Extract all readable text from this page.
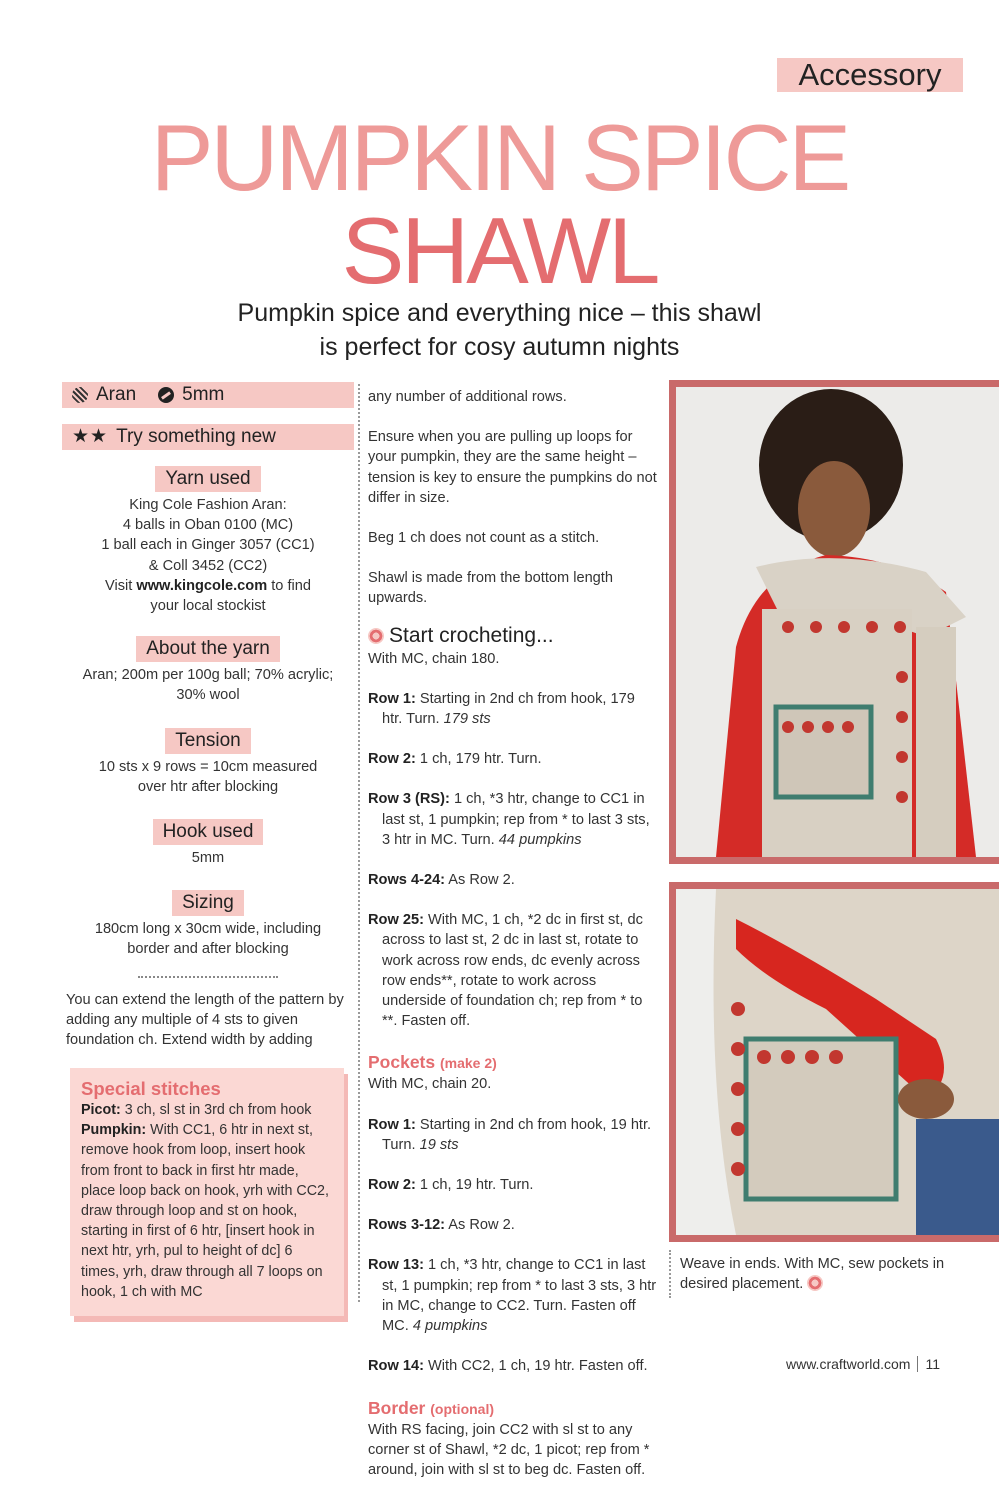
Accessory
PUMPKIN SPICE
SHAWL
Pumpkin spice and everything nice – this shawl
is perfect for cosy autumn nights
Aran 5mm
★★ Try something new
Yarn used
King Cole Fashion Aran:
4 balls in Oban 0100 (MC)
1 ball each in Ginger 3057 (CC1)
& Coll 3452 (CC2)
Visit www.kingcole.com to find
your local stockist
About the yarn
Aran; 200m per 100g ball; 70% acrylic;
30% wool
Tension
10 sts x 9 rows = 10cm measured
over htr after blocking
Hook used
5mm
Sizing
180cm long x 30cm wide, including
border and after blocking
You can extend the length of the pattern by adding any multiple of 4 sts to given foundation ch. Extend width by adding
Special stitches

Picot: 3 ch, sl st in 3rd ch from hook

Pumpkin: With CC1, 6 htr in next st, remove hook from loop, insert hook from front to back in first htr made, place loop back on hook, yrh with CC2, draw through loop and st on hook, starting in first of 6 htr, [insert hook in next htr, yrh, pul to height of dc] 6 times, yrh, draw through all 7 loops on hook, 1 ch with MC

any number of additional rows.

Ensure when you are pulling up loops for your pumpkin, they are the same height – tension is key to ensure the pumpkins do not differ in size.

Beg 1 ch does not count as a stitch.

Shawl is made from the bottom length upwards.

Start crocheting...

With MC, chain 180.

Row 1: Starting in 2nd ch from hook, 179 htr. Turn. 179 sts

Row 2: 1 ch, 179 htr. Turn.

Row 3 (RS): 1 ch, *3 htr, change to CC1 in last st, 1 pumpkin; rep from * to last 3 sts, 3 htr in MC. Turn. 44 pumpkins

Rows 4-24: As Row 2.

Row 25: With MC, 1 ch, *2 dc in first st, dc across to last st, 2 dc in last st, rotate to work across row ends, dc evenly across row ends**, rotate to work across underside of foundation ch; rep from * to **. Fasten off.

Pockets (make 2)

With MC, chain 20.

Row 1: Starting in 2nd ch from hook, 19 htr. Turn. 19 sts

Row 2: 1 ch, 19 htr. Turn.

Rows 3-12: As Row 2.

Row 13: 1 ch, *3 htr, change to CC1 in last st, 1 pumpkin; rep from * to last 3 sts, 3 htr in MC, change to CC2. Turn. Fasten off MC. 4 pumpkins

Row 14: With CC2, 1 ch, 19 htr. Fasten off.

Border (optional)

With RS facing, join CC2 with sl st to any corner st of Shawl, *2 dc, 1 picot; rep from * around, join with sl st to beg dc. Fasten off.

Weave in ends. With MC, sew pockets in desired placement.
www.craftworld.com 11
